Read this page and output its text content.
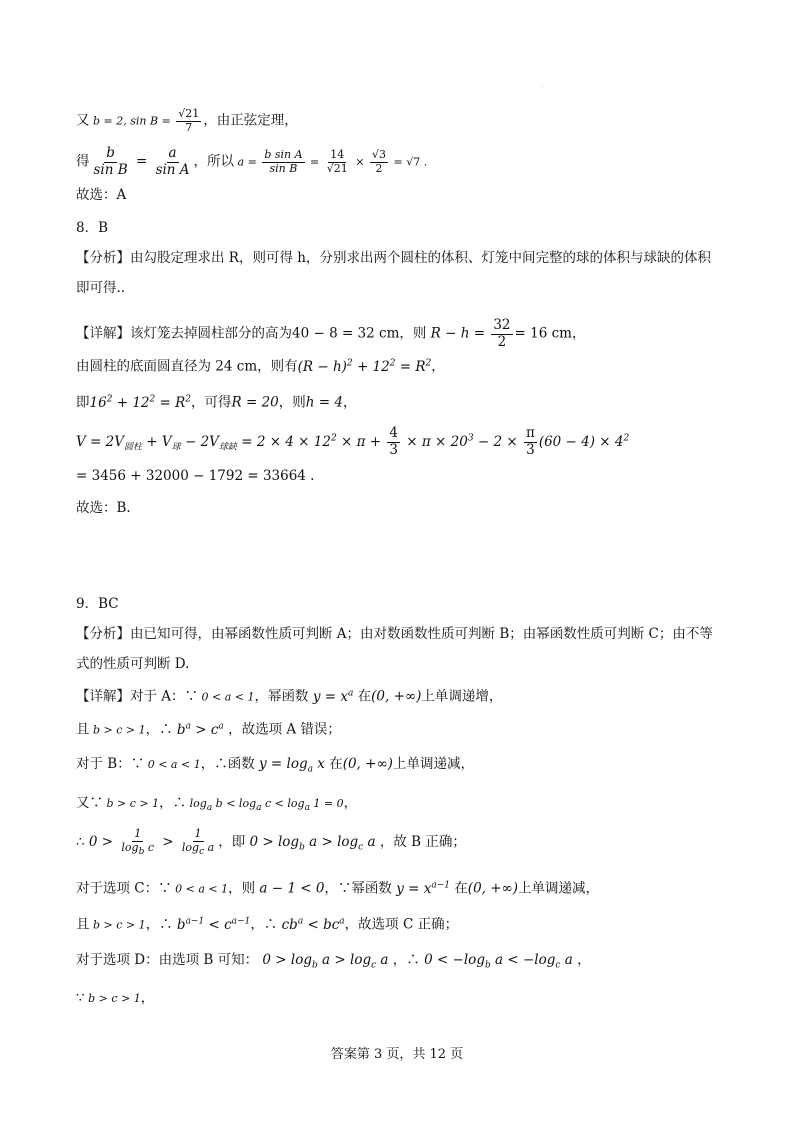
·
又 b = 2, $\sin B = \frac{√21}{7}$ ，由正弦定理，
得 $\frac{b}{\text{sin B}} = \frac{a}{\text{sin A}}$ ，所以 $a = \frac{\text{b sin A}}{\text{sin B}} = \frac{14}{√21} \times \frac{√3}{2} = √7$ .
故选：A
8．B
【分析】由勾股定理求出 R，则可得 h，分别求出两个圆柱的体积、灯笼中间完整的球的体积与球缺的体积即可得..
【详解】该灯笼去掉圆柱部分的高为40 − 8 = 32 cm，则 $R - h = \frac{32}{2} = 16$ cm，
由圆柱的底面圆直径为 24 cm，则有$(R - h)^2 + 12^2 = R^2$，
即$16^2 + 12^2 = R^2$，可得R = 20，则h = 4，
$V = 2V_{圆柱} + V_球 - 2V_{球缺} = 2 \times 4 \times 12^2 \times \pi + \frac{4}{3} \times \pi \times 20^3 - 2 \times \frac{\pi}{3} (60 - 4) \times 4^2$
= 3456 + 32000 − 1792 = 33664 .
故选：B.
9．BC
【分析】由已知可得，由幂函数性质可判断 A；由对数函数性质可判断 B；由幂函数性质可判断 C；由不等式的性质可判断 D.
【详解】对于 A：∵ 0 < a < 1，幂函数 $y = x^a$ 在(0, +∞)上单调递增，
且 b > c > 1，∴ $b^a > c^a$ ，故选项 A 错误；
对于 B：∵ 0 < a < 1，∴函数 $y = \log_a x$ 在(0, +∞)上单调递减，
又∵ b > c > 1，∴ $\log_a b < \log_a c < \log_a 1 = 0$，
∴ $0 > \frac{1}{\log_b c} > \frac{1}{\log_c a}$ ，即 $0 > \log_b a > \log_c a$ ，故 B 正确；
对于选项 C：∵ 0 < a < 1，则 a − 1 < 0，∵幂函数 $y = x^{a-1}$ 在(0, +∞)上单调递减，
且 b > c > 1，∴ $b^{a-1} < c^{a-1}$，∴ $cb^a < bc^a$，故选项 C 正确；
对于选项 D：由选项 B 可知： $0 > \log_b a > \log_c a$ ，∴ $0 < -\log_b$ $a < -\log_c$ a ，
∵ b > c > 1，
答案第 3 页，共 12 页
